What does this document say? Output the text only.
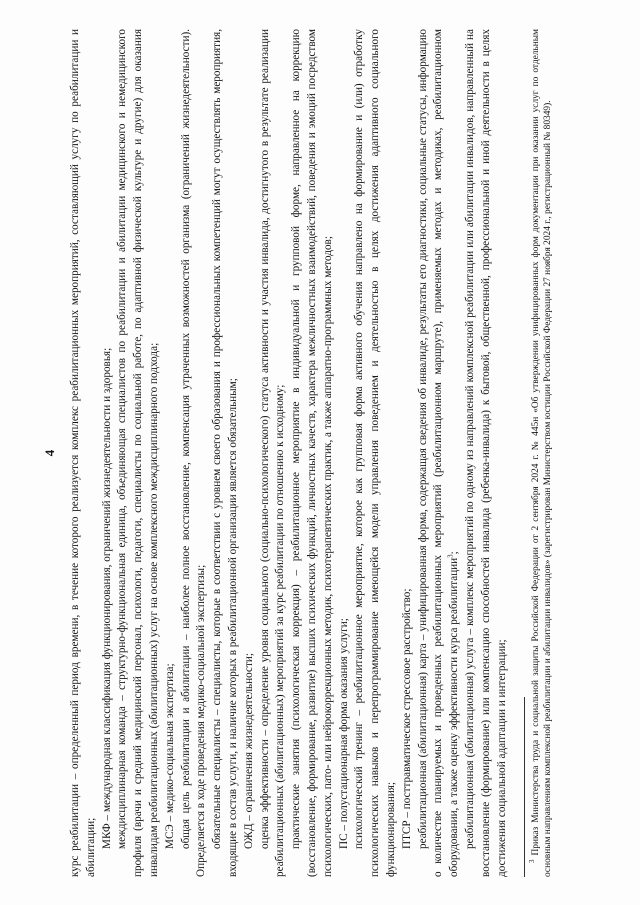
4 курс реабилитации – определенный период времени, в течение которого реализуется комплекс реабилитационных мероприятий, составляющий услугу по реабилитации и абилитации; МКФ – международная классификация функционирования, ограничений жизнедеятельности и здоровья; междисциплинарная команда – структурно-функциональная единица, объединяющая специалистов по реабилитации и абилитации медицинского и немедицинского профиля (врачи и средний медицинский персонал, психологи, педагоги, специалисты по социальной работе, по адаптивной физической культуре и другие) для оказания инвалидам реабилитационных (абилитационных) услуг на основе комплексного междисциплинарного подхода; МСЭ – медико-социальная экспертиза; общая цель реабилитации и абилитации – наиболее полное восстановление, компенсация утраченных возможностей организма (ограничений жизнедеятельности). Определяется в ходе проведения медико-социальной экспертизы; обязательные специалисты – специалисты, которые в соответствии с уровнем своего образования и профессиональных компетенций могут осуществлять мероприятия, входящие в состав услуги, и наличие которых в реабилитационной организации является обязательным; ОЖД – ограничения жизнедеятельности; оценка эффективности – определение уровня социального (социально-психологического) статуса активности и участия инвалида, достигнутого в результате реализации реабилитационных (абилитационных) мероприятий за курс реабилитации по отношению к исходному; практические занятия (психологическая коррекция) – реабилитационное мероприятие в индивидуальной и групповой форме, направленное на коррекцию (восстановление, формирование, развитие) высших психических функций, личностных качеств, характера межличностных взаимодействий, поведения и эмоций посредством психологических, пато- или нейрокоррекционных методик, психотерапевтических практик, а также аппаратно-программных методов; ПС – полустационарная форма оказания услуги; психологический тренинг – реабилитационное мероприятие, которое как групповая форма активного обучения направлено на формирование и (или) отработку психологических навыков и перепрограммирование имеющейся модели управления поведением и деятельностью в целях достижения адаптивного социального функционирования; ПТСР – посттравматическое стрессовое расстройство; реабилитационная (абилитационная) карта – унифицированная форма, содержащая сведения об инвалиде, результаты его диагностики, социальные статусы, информацию о количестве планируемых и проведенных реабилитационных мероприятий (реабилитационном маршруте), применяемых методах и методиках, реабилитационном оборудовании, а также оценку эффективности курса реабилитации$^3$; реабилитационная (абилитационная) услуга – комплекс мероприятий по одному из направлений комплексной реабилитации или абилитации инвалидов, направленный на восстановление (формирование) или компенсацию способностей инвалида (ребенка-инвалида) к бытовой, общественной, профессиональной и иной деятельности в целях достижения социальной адаптации и интеграции;	$^3$ Приказ Министерства труда и социальной защиты Российской Федерации от 2 сентября 2024 г. № 445н «Об утверждении унифицированных форм документации при оказании услуг по отдельным основным направлениям комплексной реабилитации и абилитации инвалидов» (зарегистрирован Министерством юстиции Российской Федерации 27 ноября 2024 г., регистрационный № 80349).
